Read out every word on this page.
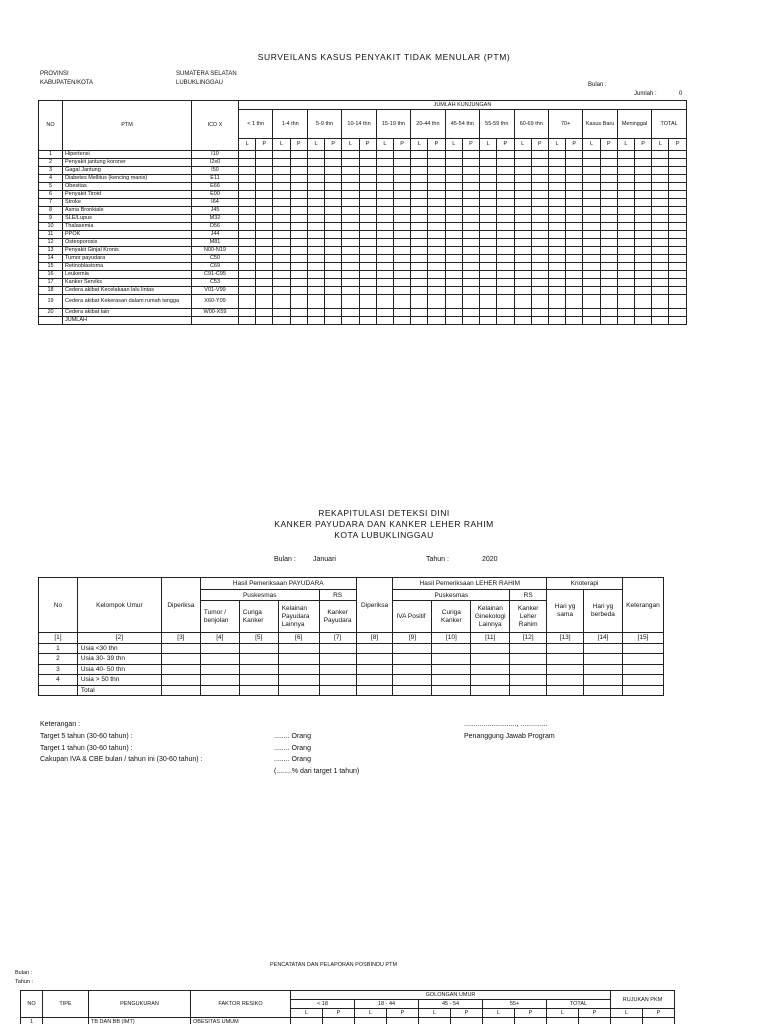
SURVEILANS KASUS PENYAKIT TIDAK MENULAR (PTM)
PROVINSI
KABUPATEN/KOTA
SUMATERA SELATAN
LUBUKLINGGAU	Bulan :
Jumlah :	0
NO	PTM	ICD X	JUMLAH KUNJUNGAN																									
			< 1 thn		1-4 thn		5-9 thn		10-14 thn		15-19 thn		20-44 thn		45-54 thn		55-59 thn		60-69 thn		70+		Kasus Baru		Meninggal		TOTAL	
			L	P	L	P	L	P	L	P	L	P	L	P	L	P	L	P	L	P	L	P	L	P	L	P	L	P
1	Hipertensi	I10																										
2	Penyakit jantung koroner	I2x0																										
3	Gagal Jantung	I50																										
4	Diabetes Mellitus (kencing manis)	E11																										
5	Obesitas	E66																										
6	Penyakit Tiroid	E00																										
7	Stroke	I64																										
8	Asma Bronkiale	J45																										
9	SLE/Lupus	M32																										
10	Thalasemia	D56																										
11	PPOK	J44																										
12	Osteoporosis	M81																										
13	Penyakit Ginjal Kronis	N00-N19																										
14	Tumor payudara	C50																										
15	Retinoblastoma	C69																										
16	Leukemia	C91-C95																										
17	Kanker Serviks	C53																										
18	Cedera akibat Kecelakaan lalu lintas	V01-V99																										
19	Cedera akibat Kekerasan dalam rumah tangga	X60-Y09																										
20	Cedera akibat lain	W00-X59																										
	JUMLAH																											
REKAPITULASI DETEKSI DINI
KANKER PAYUDARA DAN KANKER LEHER RAHIM
KOTA LUBUKLINGGAU
Bulan : Januari	Tahun :	2020
No	Kelompok Umur	Diperiksa	Hasil Pemeriksaan PAYUDARA				Diperiksa	Hasil Pemeriksaan LEHER RAHIM				Krioterapi		Keterangan
			Puskesmas			RS		Puskesmas			RS	Hari yg sama	Hari yg berbeda	
			Tumor / benjolan	Curiga Kanker	Kelainan Payudara Lainnya	Kanker Payudara		IVA Positif	Curiga Kanker	Kelainan Ginekologi Lainnya	Kanker Leher Rahim			
[1]	[2]	[3]	[4]	[5]	[6]	[7]	[8]	[9]	[10]	[11]	[12]	[13]	[14]	[15]
1	Usia <30 thn													
2	Usia 30- 39 thn													
3	Usia 40- 50 thn													
4	Usia > 50 thn													
	Total													
Keterangan :
Target 5 tahun (30-60 tahun) :
Target 1 tahun (30-60 tahun) :
Cakupan IVA & CBE bulan / tahun ini (30-60 tahun) :
........ Orang
........ Orang
........ Orang
(........% dari target 1 tahun)
..........................., ..............
Penanggung Jawab Program
PENCATATAN DAN PELAPORAN POSBINDU PTM
Bulan :
Tahun :
NO	TIPE	PENGUKURAN	FAKTOR RESIKO	GOLONGAN UMUR										RUJUKAN PKM	
				< 18		18 - 44		45 - 54		55+		TOTAL			
				L	P	L	P	L	P	L	P	L	P	L	P
1		TB DAN BB (IMT)	OBESITAS UMUM												
